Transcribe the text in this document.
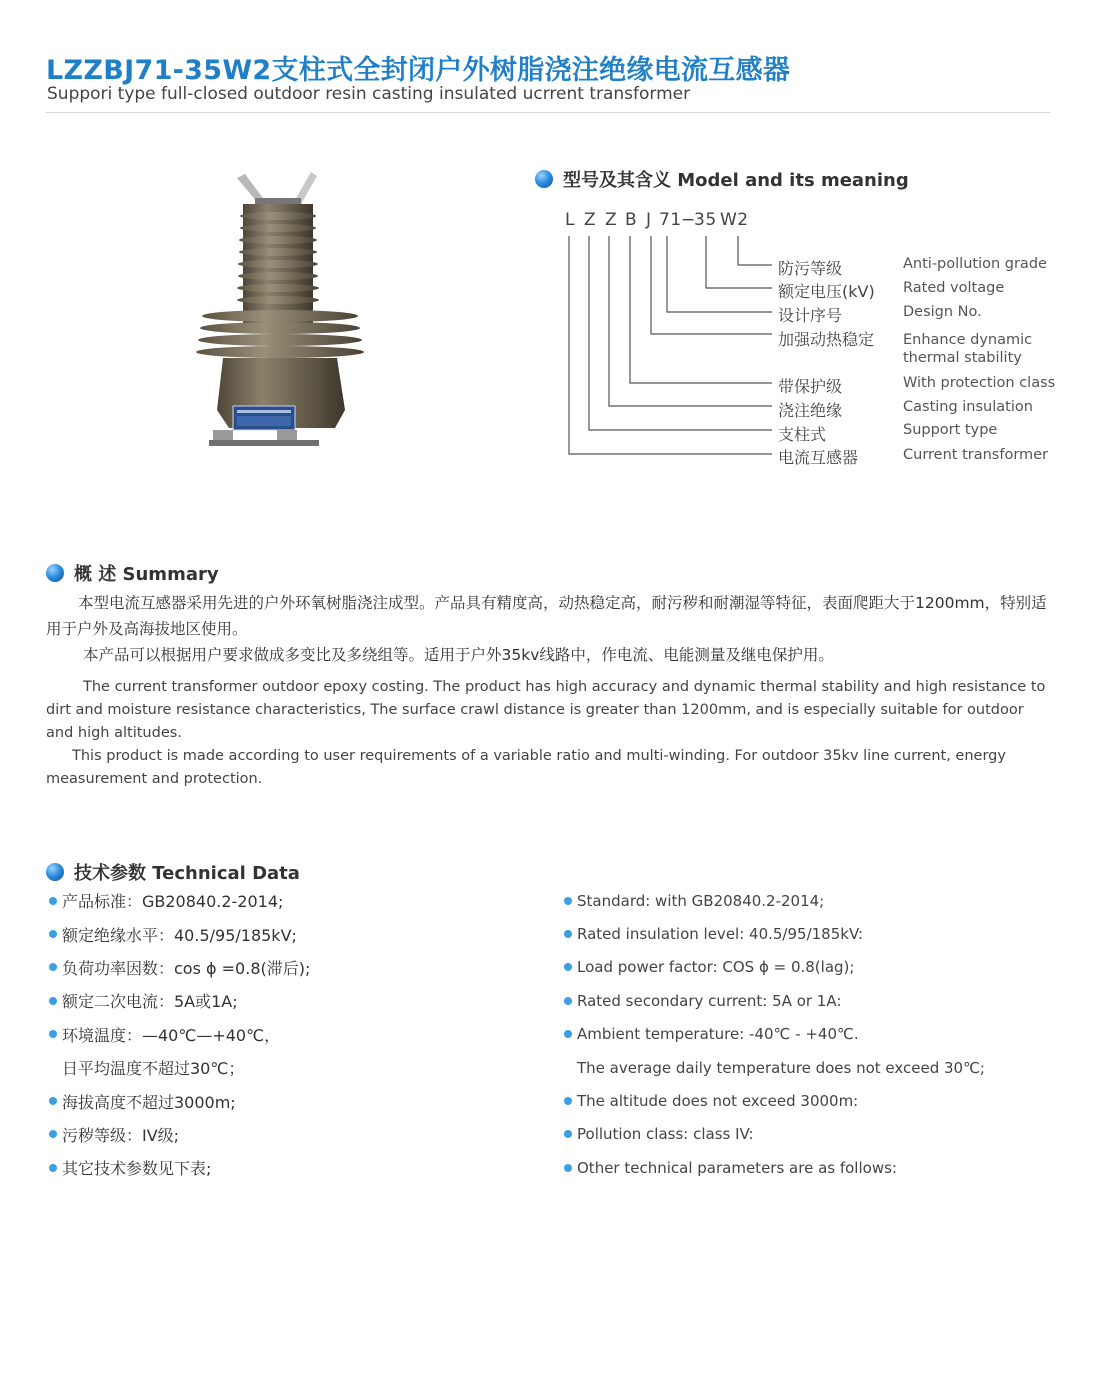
LZZBJ71-35W2支柱式全封闭户外树脂浇注绝缘电流互感器
Suppori type full-closed outdoor resin casting insulated ucrrent transformer
型号及其含义 Model and its meaning
L Z Z B J 71 −
35 W2
防污等级	Anti-pollution grade
额定电压(kV) Rated voltage
设计序号	Design No.
加强动热稳定 Enhance dynamic thermal stability
带保护级	With protection class
浇注绝缘	Casting insulation
支柱式	Support type
电流互感器	Current transformer
概 述 Summary

本型电流互感器采用先进的户外环氧树脂浇注成型。产品具有精度高，动热稳定高，耐污秽和耐潮湿等特征，表面爬距大于1200mm，特别适用于户外及高海拔地区使用。

本产品可以根据用户要求做成多变比及多绕组等。适用于户外35kv线路中，作电流、电能测量及继电保护用。

The current transformer outdoor epoxy costing. The product has high accuracy and dynamic thermal stability and high resistance to dirt and moisture resistance characteristics, The surface crawl distance is greater than 1200mm, and is especially suitable for outdoor and high altitudes.

This product is made according to user requirements of a variable ratio and multi-winding. For outdoor 35kv line current, energy measurement and protection.

技术参数 Technical Data
产品标准：GB20840.2-2014;
额定绝缘水平：40.5/95/185kV;
负荷功率因数：cos ϕ =0.8(滞后);
额定二次电流：5A或1A;
环境温度：—40℃—+40℃，
日平均温度不超过30℃；
海拔高度不超过3000m;
污秽等级：IV级;
其它技术参数见下表;
Standard: with GB20840.2-2014;
Rated insulation level: 40.5/95/185kV:
Load power factor: COS ϕ = 0.8(lag);
Rated secondary current: 5A or 1A:
Ambient temperature: -40℃ - +40℃.
The average daily temperature does not exceed 30℃;
The altitude does not exceed 3000m:
Pollution class: class IV:
Other technical parameters are as follows:
